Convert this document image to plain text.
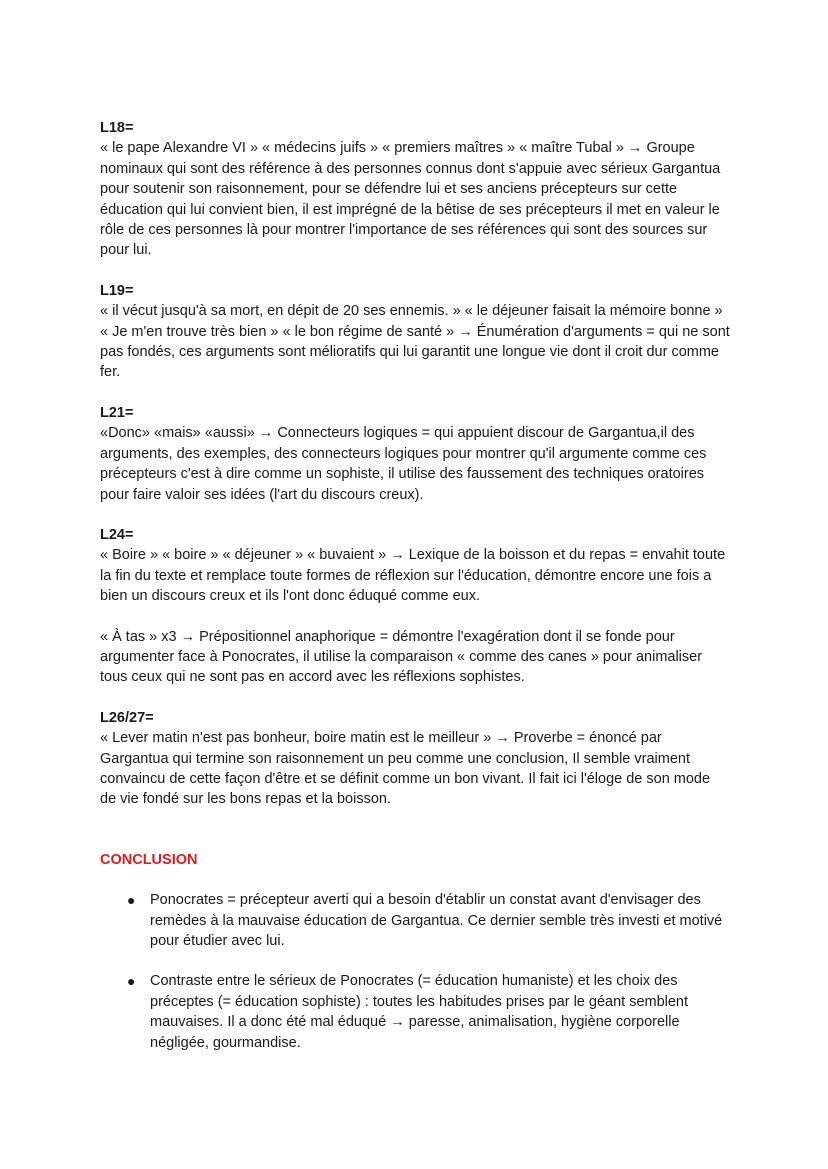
L18=

« le pape Alexandre VI » « médecins juifs » « premiers maîtres » « maître Tubal » → Groupe nominaux qui sont des référence à des personnes connus dont s'appuie avec sérieux Gargantua pour soutenir son raisonnement, pour se défendre lui et ses anciens précepteurs sur cette éducation qui lui convient bien, il est imprégné de la bêtise de ses précepteurs il met en valeur le rôle de ces personnes là pour montrer l'importance de ses références qui sont des sources sur pour lui.

L19=

« il vécut jusqu'à sa mort, en dépit de 20 ses ennemis. » « le déjeuner faisait la mémoire bonne » « Je m'en trouve très bien » « le bon régime de santé » → Énumération d'arguments = qui ne sont pas fondés, ces arguments sont mélioratifs qui lui garantit une longue vie dont il croit dur comme fer.

L21=

«Donc» «mais» «aussi» → Connecteurs logiques = qui appuient discour de Gargantua,il des arguments, des exemples, des connecteurs logiques pour montrer qu'il argumente comme ces précepteurs c'est à dire comme un sophiste, il utilise des faussement des techniques oratoires pour faire valoir ses idées (l'art du discours creux).

L24=

« Boire » « boire » « déjeuner » « buvaient » → Lexique de la boisson et du repas = envahit toute la fin du texte et remplace toute formes de réflexion sur l'éducation, démontre encore une fois a bien un discours creux et ils l'ont donc éduqué comme eux.

« À tas » x3 → Prépositionnel anaphorique = démontre l'exagération dont il se fonde pour argumenter face à Ponocrates, il utilise la comparaison « comme des canes » pour animaliser tous ceux qui ne sont pas en accord avec les réflexions sophistes.

L26/27=

« Lever matin n'est pas bonheur, boire matin est le meilleur » → Proverbe = énoncé par Gargantua qui termine son raisonnement un peu comme une conclusion, Il semble vraiment convaincu de cette façon d'être et se définit comme un bon vivant. Il fait ici l'éloge de son mode de vie fondé sur les bons repas et la boisson.

CONCLUSION
● Ponocrates = précepteur averti qui a besoin d'établir un constat avant d'envisager des remèdes à la mauvaise éducation de Gargantua. Ce dernier semble très investi et motivé pour étudier avec lui.
● Contraste entre le sérieux de Ponocrates (= éducation humaniste) et les choix des préceptes (= éducation sophiste) : toutes les habitudes prises par le géant semblent mauvaises. Il a donc été mal éduqué → paresse, animalisation, hygiène corporelle négligée, gourmandise.
